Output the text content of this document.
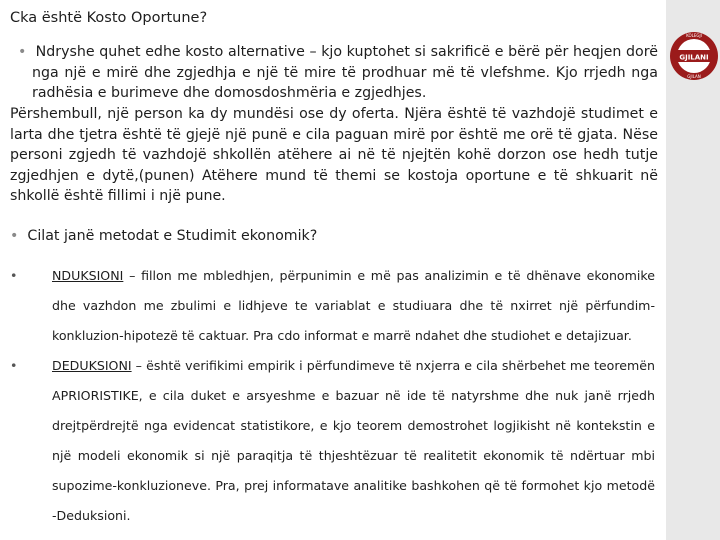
GJILANI
KOLEGJI
GJILAN
Cka është Kosto Oportune?
• Ndryshe quhet edhe kosto alternative – kjo kuptohet si sakrificë e bërë për heqjen dorë nga një e mirë dhe zgjedhja e një të mire të prodhuar më të vlefshme. Kjo rrjedh nga radhësia e burimeve dhe domosdoshmëria e zgjedhjes.
Përshembull, një person ka dy mundësi ose dy oferta. Njëra është të vazhdojë studimet e larta dhe tjetra është të gjejë një punë e cila paguan mirë por është me orë të gjata. Nëse personi zgjedh të vazhdojë shkollën atëhere ai në të njejtën kohë dorzon ose hedh tutje zgjedhjen e dytë,(punen) Atëhere mund të themi se kostoja oportune e të shkuarit në shkollë është fillimi i një pune.
• Cilat janë metodat e Studimit ekonomik?
•	NDUKSIONI – fillon me mbledhjen, përpunimin e më pas analizimin e të dhënave ekonomike dhe vazhdon me zbulimi e lidhjeve te variablat e studiuara dhe të nxirret një përfundim-konkluzion-hipotezë të caktuar. Pra cdo informat e marrë ndahet dhe studiohet e detajizuar.
•	DEDUKSIONI – është verifikimi empirik i përfundimeve të nxjerra e cila shërbehet me teoremën APRIORISTIKE, e cila duket e arsyeshme e bazuar në ide të natyrshme dhe nuk janë rrjedh drejtpërdrejtë nga evidencat statistikore, e kjo teorem demostrohet logjikisht në kontekstin e një modeli ekonomik si një paraqitja të thjeshtëzuar të realitetit ekonomik të ndërtuar mbi supozime-konkluzioneve. Pra, prej informatave analitike bashkohen që të formohet kjo metodë -Deduksioni.
